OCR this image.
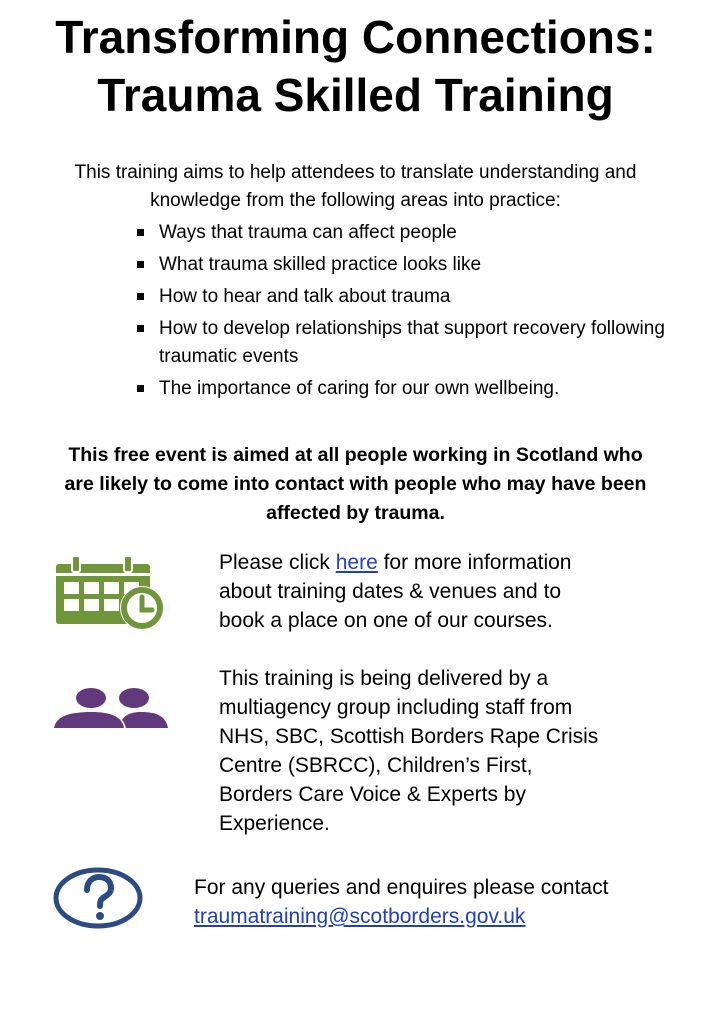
Transforming Connections:
Trauma Skilled Training

This training aims to help attendees to translate understanding and
knowledge from the following areas into practice:

Ways that trauma can affect people
What trauma skilled practice looks like
How to hear and talk about trauma
How to develop relationships that support recovery following traumatic events
The importance of caring for our own wellbeing.

This free event is aimed at all people working in Scotland who
are likely to come into contact with people who may have been
affected by trauma.

Please click here for more information
about training dates & venues and to
book a place on one of our courses.

This training is being delivered by a
multiagency group including staff from
NHS, SBC, Scottish Borders Rape Crisis
Centre (SBRCC), Children’s First,
Borders Care Voice & Experts by
Experience.

For any queries and enquires please contact
traumatraining@scotborders.gov.uk
